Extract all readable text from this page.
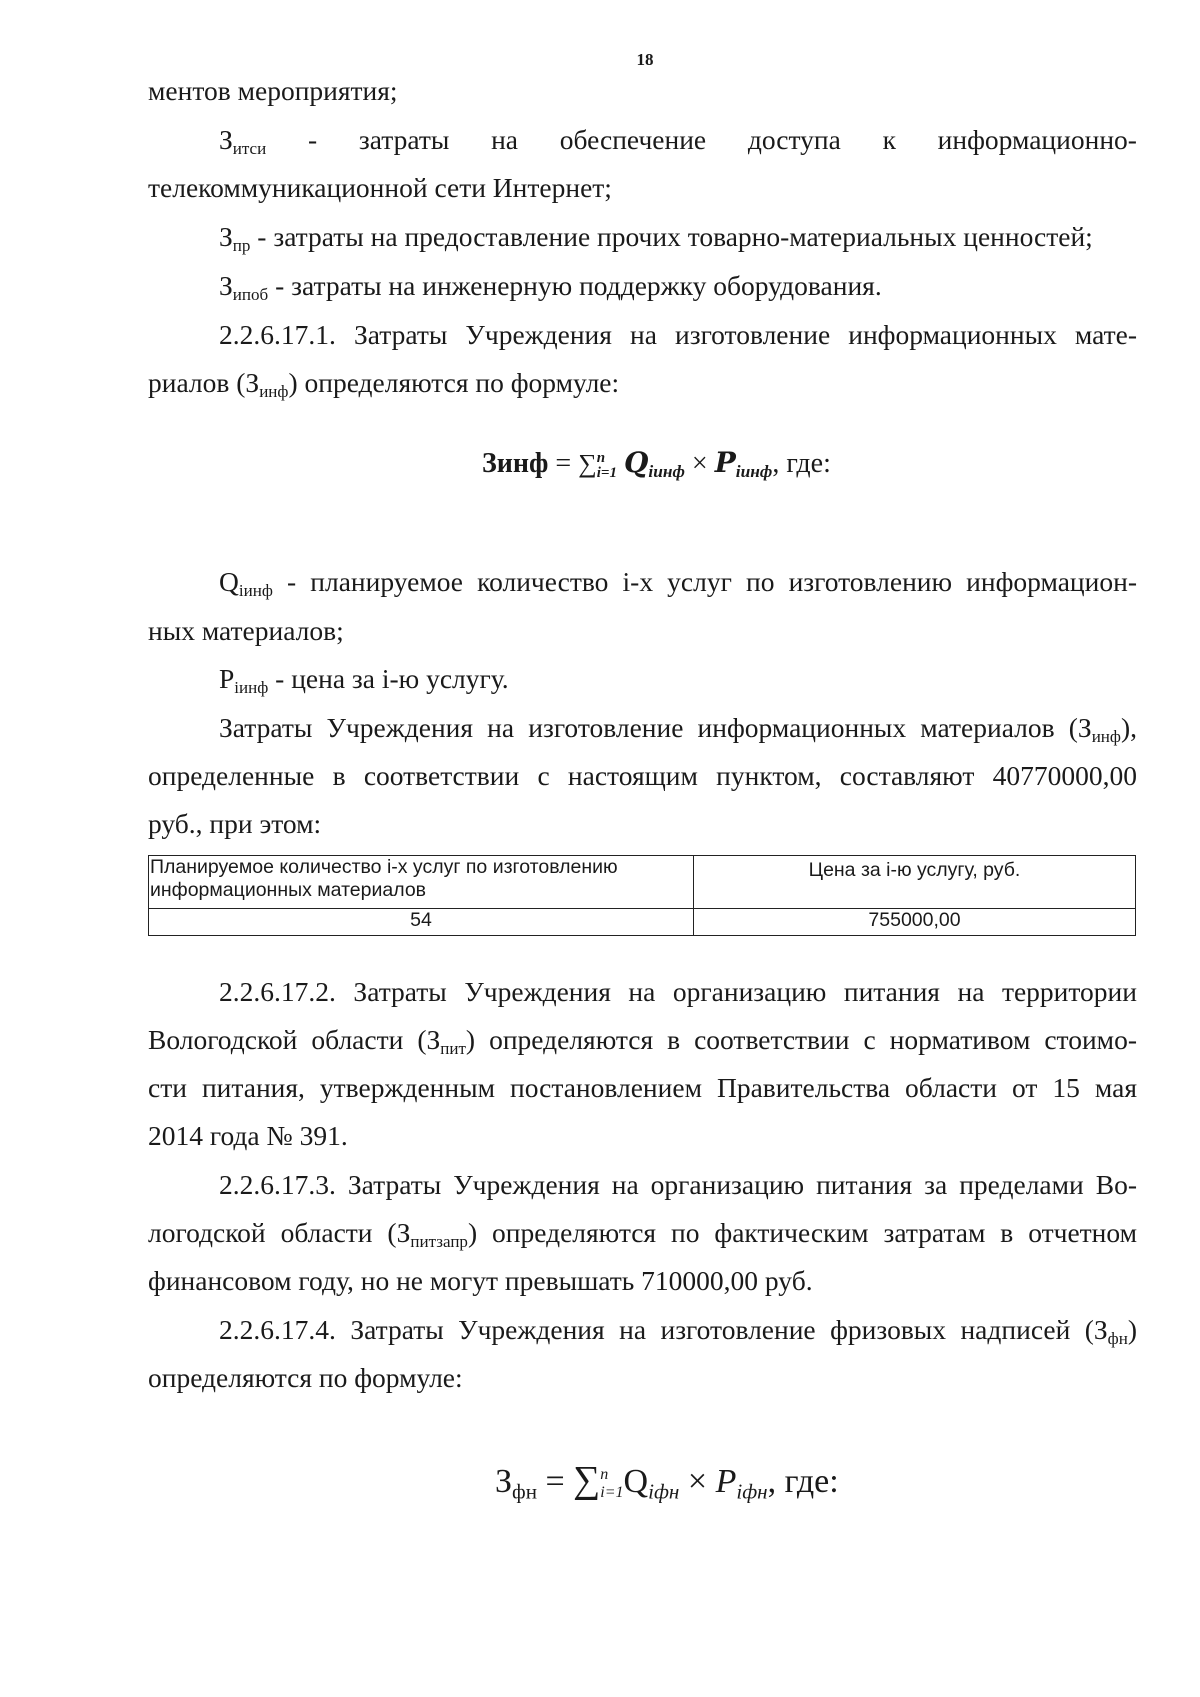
18
ментов мероприятия;
$З_{итси}$ - затраты на обеспечение доступа к информационно-
телекоммуникационной сети Интернет;
$З_{пр}$ - затраты на предоставление прочих товарно-материальных ценностей;
$З_{ипоб}$ - затраты на инженерную поддержку оборудования.
2.2.6.17.1. Затраты Учреждения на изготовление информационных мате-
риалов $(З_{инф})$ определяются по формуле:
Зинф = ∑ n
i=1 $Q_{iинф} \times P_{iинф}$, где:
$Q_{iинф}$ - планируемое количество i-х услуг по изготовлению информацион-
ных материалов;
$P_{iинф}$ - цена за i-ю услугу.
Затраты Учреждения на изготовление информационных материалов $(З_{инф})$,
определенные в соответствии с настоящим пунктом, составляют 40770000,00
руб., при этом:
Планируемое количество i-х услуг по изготовлению информационных материалов	Цена за i-ю услугу, руб.
54	755000,00
2.2.6.17.2. Затраты Учреждения на организацию питания на территории
Вологодской области $(З_{пит})$ определяются в соответствии с нормативом стоимо-
сти питания, утвержденным постановлением Правительства области от 15 мая
2014 года № 391.
2.2.6.17.3. Затраты Учреждения на организацию питания за пределами Во-
логодской области $(З_{питзапр})$ определяются по фактическим затратам в отчетном
финансовом году, но не могут превышать 710000,00 руб.
2.2.6.17.4. Затраты Учреждения на изготовление фризовых надписей $(З_{фн})$
определяются по формуле:
$З_{фн}$ = ∑ n
i=1 $Q_{iфн} \times P_{iфн}$, где:
